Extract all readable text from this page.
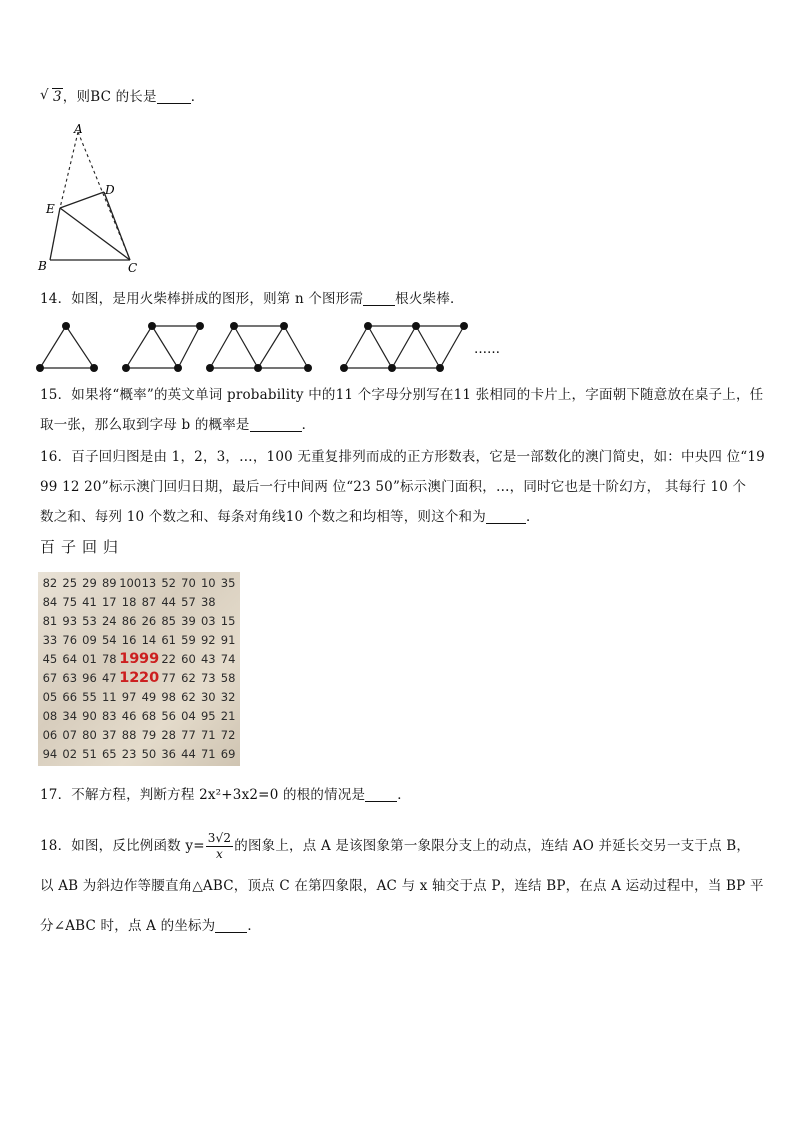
√ 3，则BC 的长是	．
A
D
E
B	C
14．如图，是用火柴棒拼成的图形，则第 n 个图形需 根火柴棒．
……
15．如果将“概率”的英文单词 probability 中的11 个字母分别写在11 张相同的卡片上，字面朝下随意放在桌子上，任
取一张，那么取到字母 b 的概率是	．
16．百子回归图是由 1，2，3，…，100 无重复排列而成的正方形数表，它是一部数化的澳门简史，如：中央四 位“19
99 12 20”标示澳门回归日期，最后一行中间两 位“23 50”标示澳门面积，…，同时它也是十阶幻方， 其每行 10 个
数之和、每列 10 个数之和、每条对角线10 个数之和均相等，则这个和为	．
百子回归
82 25 29 89 100 13 52 70 10 35
84 75 41 17 18 87 44 57 38
81 93 53 24 86 26 85 39 03 15
33 76 09 54 16 14 61 59 92 91
45 64 01 78 19 99 22 60 43 74
67 63 96 47 12 20 77 62 73 58
05 66 55 11 97 49 98 62 30 32
08 34 90 83 46 68 56 04 95 21
06 07 80 37 88 79 28 77 71 72
94 02 51 65 23 50 36 44 71 69
17．不解方程，判断方程 2x²+3x2=0 的根的情况是 ．
18．如图，反比例函数 $y= \frac{3√2}{x}$ 的图象上，点 A 是该图象第一象限分支上的动点，连结 AO 并延长交另一支于点 B，
以 AB 为斜边作等腰直角△ABC，顶点 C 在第四象限，AC 与 x 轴交于点 P，连结 BP，在点 A 运动过程中，当 BP 平
分∠ABC 时，点 A 的坐标为 ．
